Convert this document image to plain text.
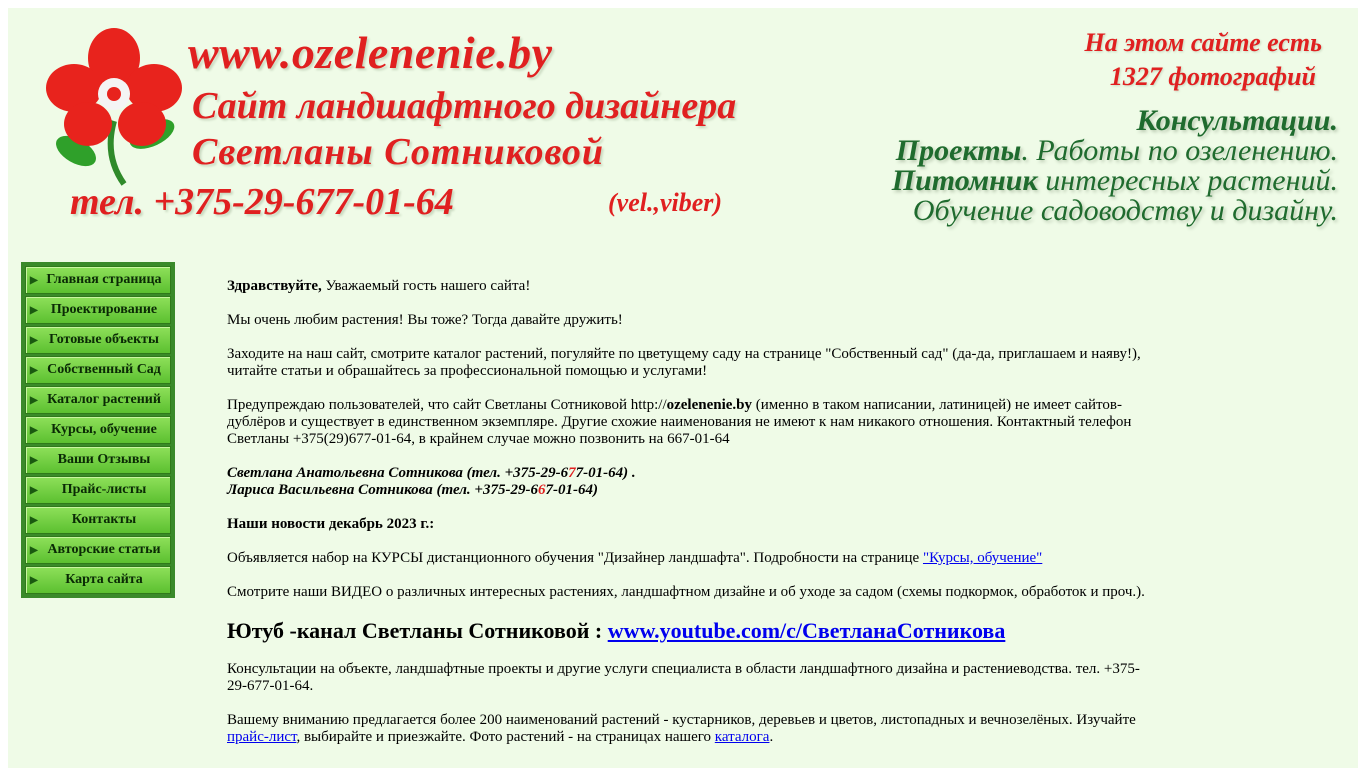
www.ozelenenie.by

Сайт ландшафтного дизайнера

Светланы Сотниковой

тел. +375-29-677-01-64	(vel.,viber)

На этом сайте есть

1327 фотографий

Консультации.

Проекты. Работы по озеленению.

Питомник интересных растений.

Обучение садоводству и дизайну.

▶ Главная страница
▶ Проектирование
▶ Готовые объекты
▶ Собственный Сад
▶ Каталог растений
▶ Курсы, обучение
▶	Ваши Отзывы
▶	Прайс-листы
▶	Контакты
▶ Авторские статьи
▶	Карта сайта

Здравствуйте, Уважаемый гость нашего сайта!

Мы очень любим растения! Вы тоже? Тогда давайте дружить!

Заходите на наш сайт, смотрите каталог растений, погуляйте по цветущему саду на странице "Собственный сад" (да-да, приглашаем и наяву!), читайте статьи и обрашайтесь за профессиональной помощью и услугами!

Предупреждаю пользователей, что сайт Светланы Сотниковой http://ozelenenie.by (именно в таком написании, латиницей) не имеет сайтов-дублёров и существует в единственном экземпляре. Другие схожие наименования не имеют к нам никакого отношения. Контактный телефон Светланы +375(29)677-01-64, в крайнем случае можно позвонить на 667-01-64

Светлана Анатольевна Сотникова (тел. +375-29-677-01-64) .
Лариса Васильевна Сотникова (тел. +375-29-667-01-64)

Наши новости декабрь 2023 г.:

Объявляется набор на КУРСЫ дистанционного обучения "Дизайнер ландшафта". Подробности на странице "Курсы, обучение"

Смотрите наши ВИДЕО о различных интересных растениях, ландшафтном дизайне и об уходе за садом (схемы подкормок, обработок и проч.).

Ютуб -канал Светланы Сотниковой : www.youtube.com/c/СветланаСотникова

Консультации на объекте, ландшафтные проекты и другие услуги специалиста в области ландшафтного дизайна и растениеводства. тел. +375-29-677-01-64.

Вашему вниманию предлагается более 200 наименований растений - кустарников, деревьев и цветов, листопадных и вечнозелёных. Изучайте прайс-лист, выбирайте и приезжайте. Фото растений - на страницах нашего каталога.
